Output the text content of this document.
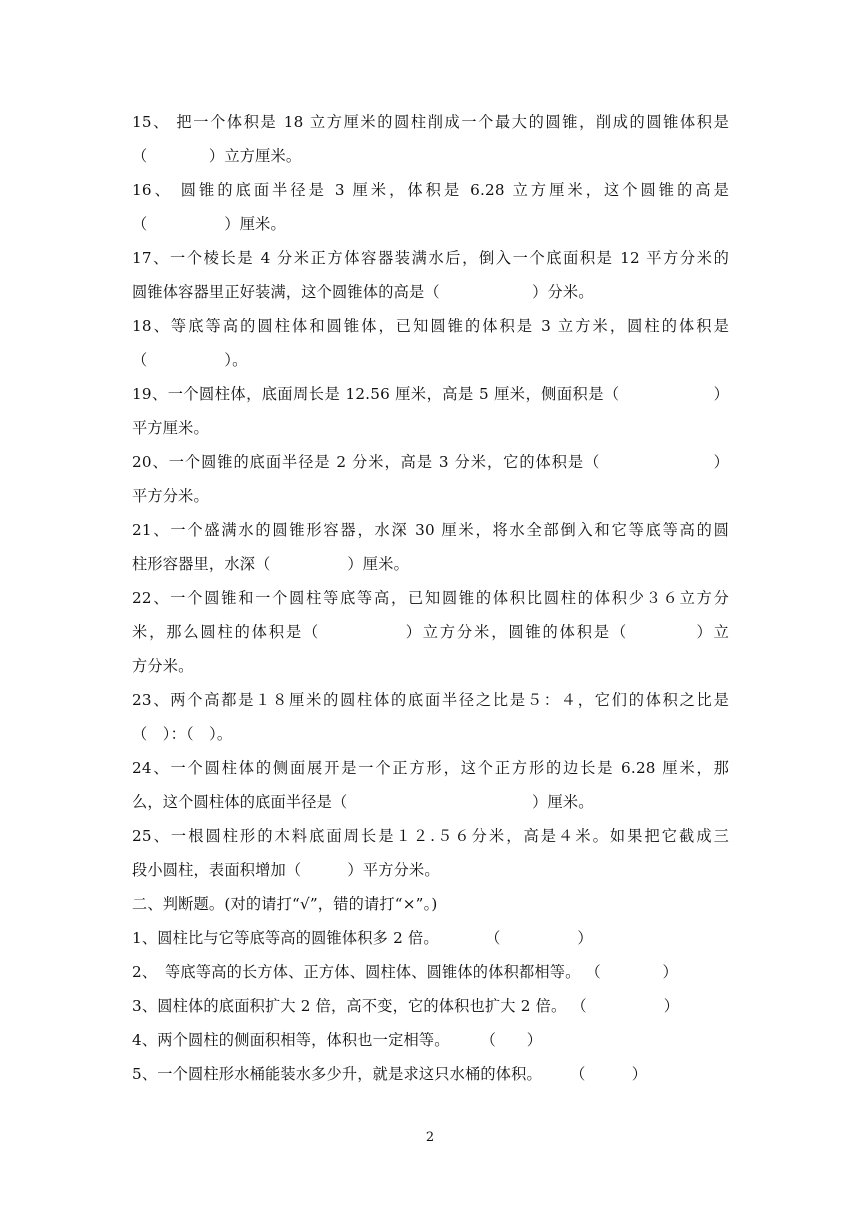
15、 把一个体积是 18 立方厘米的圆柱削成一个最大的圆锥，削成的圆锥体积是
（　　　　）立方厘米。
16、 圆锥的底面半径是 3 厘米，体积是 6.28 立方厘米，这个圆锥的高是
（　　　　　）厘米。
17、一个棱长是 4 分米正方体容器装满水后，倒入一个底面积是 12 平方分米的
圆锥体容器里正好装满，这个圆锥体的高是（　　　　　　）分米。
18、等底等高的圆柱体和圆锥体，已知圆锥的体积是 3 立方米，圆柱的体积是
（　　　　　）。
19、一个圆柱体，底面周长是 12.56 厘米，高是 5 厘米，侧面积是（　　　　　　）
平方厘米。
20、一个圆锥的底面半径是 2 分米，高是 3 分米，它的体积是（　　　　　　　）
平方分米。
21、一个盛满水的圆锥形容器，水深 30 厘米，将水全部倒入和它等底等高的圆
柱形容器里，水深（　　　　　）厘米。
22、一个圆锥和一个圆柱等底等高，已知圆锥的体积比圆柱的体积少３６立方分
米，那么圆柱的体积是（　　　　　）立方分米，圆锥的体积是（　　　　）立
方分米。
23、两个高都是１８厘米的圆柱体的底面半径之比是５：４，它们的体积之比是
（　）：（　）。
24、一个圆柱体的侧面展开是一个正方形，这个正方形的边长是 6.28 厘米，那
么，这个圆柱体的底面半径是（　　　　　　　　　　　　）厘米。
25、一根圆柱形的木料底面周长是１２.５６分米，高是４米。如果把它截成三
段小圆柱，表面积增加（　　　）平方分米。
二、判断题。(对的请打“√”，错的请打“×”。)
1、圆柱比与它等底等高的圆锥体积多 2 倍。　　　　（　　　　　）
2、　等底等高的长方体、正方体、圆柱体、圆锥体的体积都相等。 （　　　　）
3、圆柱体的底面积扩大 2 倍，高不变，它的体积也扩大 2 倍。 （　　　　　）
4、两个圆柱的侧面积相等，体积也一定相等。　　　（　　）
5、一个圆柱形水桶能装水多少升，就是求这只水桶的体积。　　 （　　　）
2
